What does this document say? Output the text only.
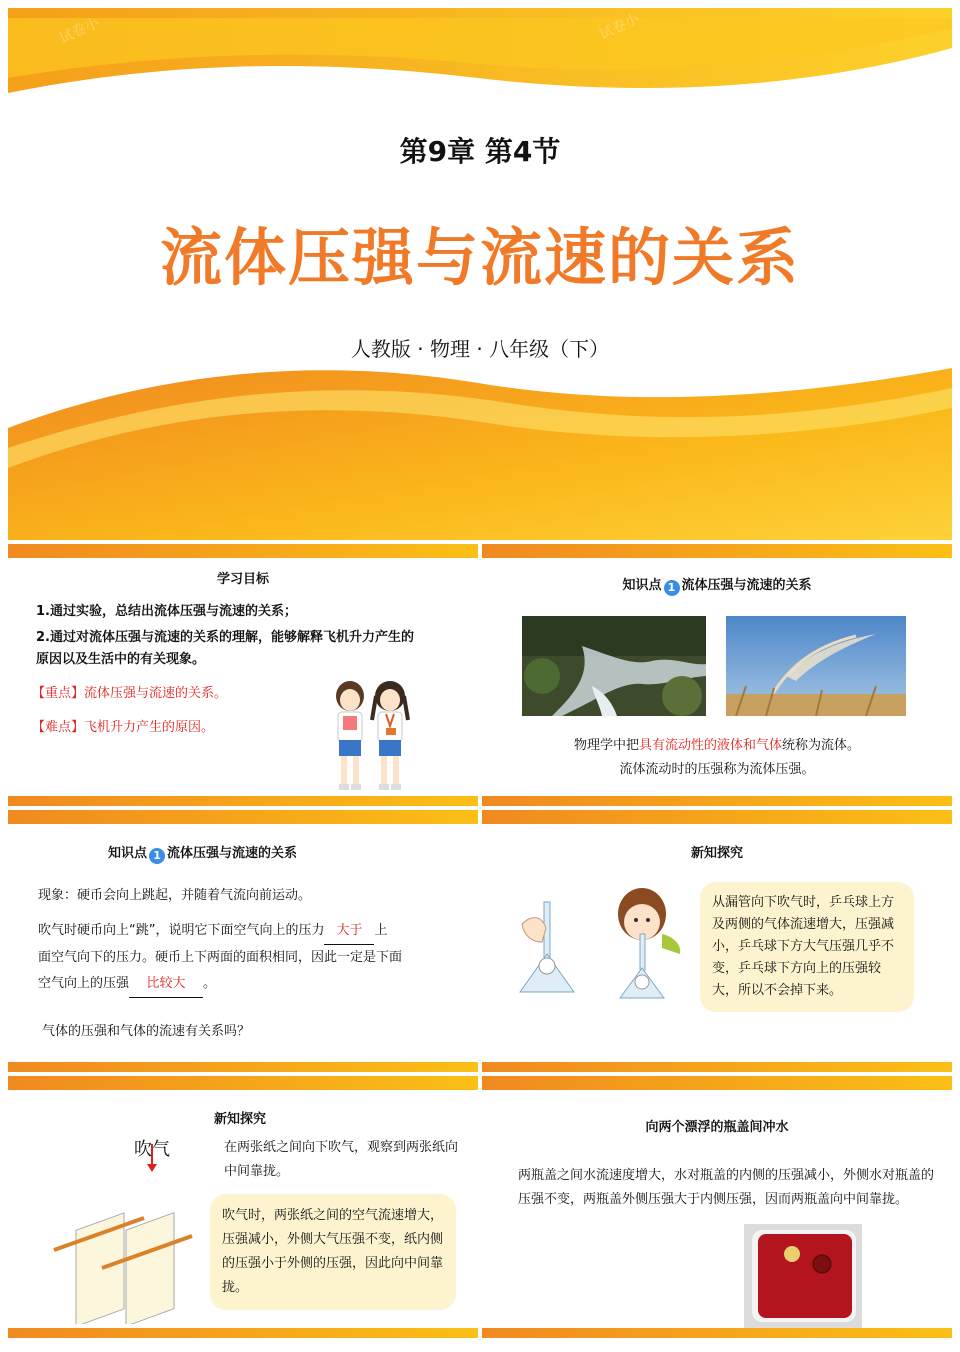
试卷小	试卷小
第9章 第4节
流体压强与流速的关系
人教版 · 物理 · 八年级（下）
学习目标
1.通过实验，总结出流体压强与流速的关系；
2.通过对流体压强与流速的关系的理解，能够解释飞机升力产生的
原因以及生活中的有关现象。
【重点】流体压强与流速的关系。
【难点】飞机升力产生的原因。
知识点 1 流体压强与流速的关系
物理学中把具有流动性的液体和气体统称为流体。
流体流动时的压强称为流体压强。
知识点 1 流体压强与流速的关系
现象：硬币会向上跳起，并随着气流向前运动。
吹气时硬币向上“跳”，说明它下面空气向上的压力 大于 上
面空气向下的压力。硬币上下两面的面积相同，因此一定是下面
空气向上的压强 比较大 。
气体的压强和气体的流速有关系吗？
新知探究
从漏管向下吹气时，乒乓球上方及两侧的气体流速增大，压强减小，乒乓球下方大气压强几乎不变，乒乓球下方向上的压强较大，所以不会掉下来。
新知探究
吹气	在两张纸之间向下吹气，观察到两张纸向中间靠拢。
吹气时，两张纸之间的空气流速增大，压强减小，外侧大气压强不变，纸内侧的压强小于外侧的压强，因此向中间靠拢。
向两个漂浮的瓶盖间冲水
两瓶盖之间水流速度增大，水对瓶盖的内侧的压强减小，外侧水对瓶盖的压强不变，两瓶盖外侧压强大于内侧压强，因而两瓶盖向中间靠拢。
